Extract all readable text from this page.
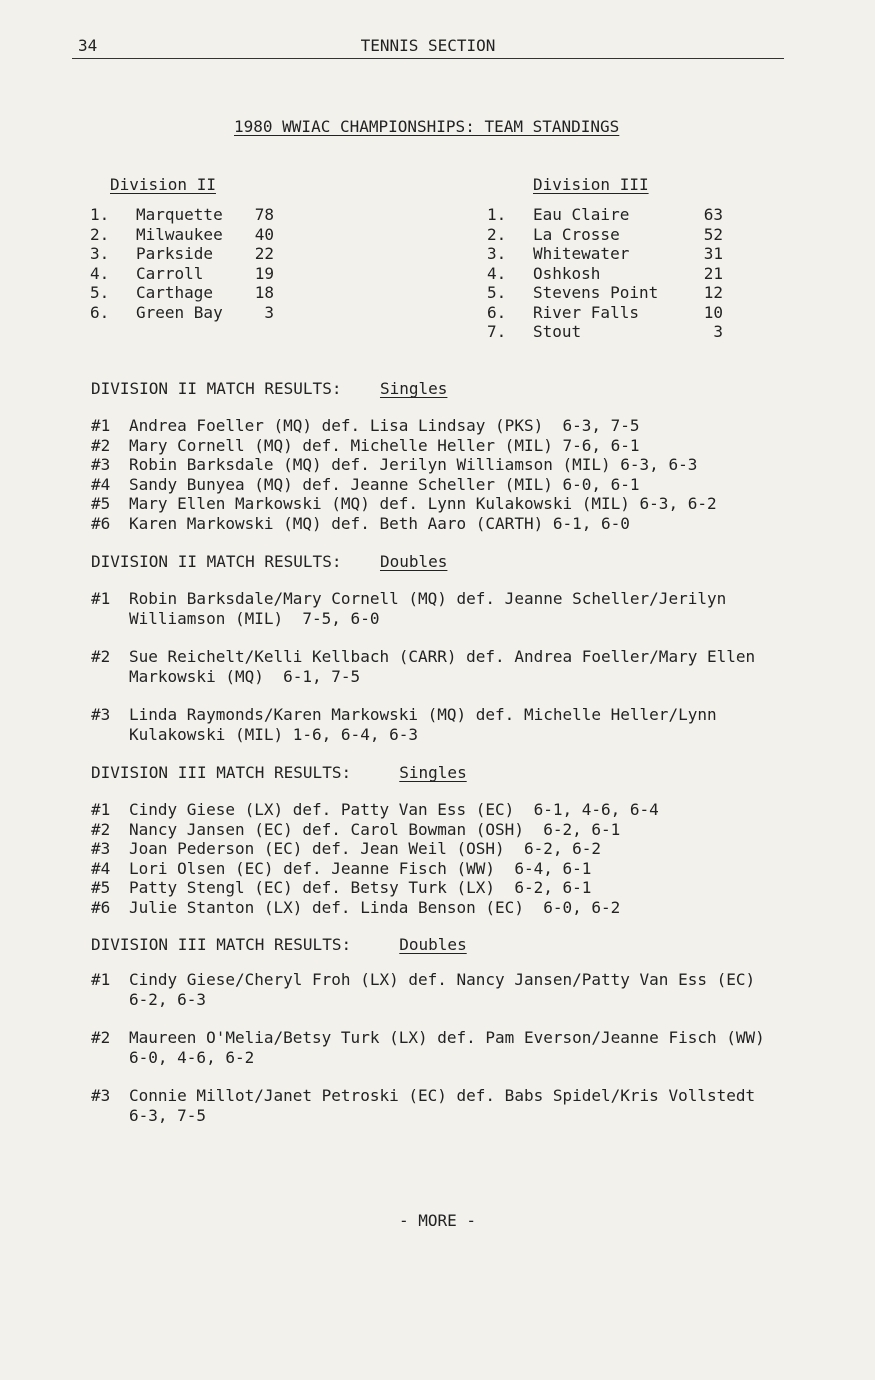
34	TENNIS SECTION
1980 WWIAC CHAMPIONSHIPS: TEAM STANDINGS
Division II	Division III
1.	Marquette	78
2.	Milwaukee	40
3.	Parkside	22
4.	Carroll	19
5.	Carthage	18
6.	Green Bay	3
1.	Eau Claire	63
2.	La Crosse	52
3.	Whitewater	31
4.	Oshkosh	21
5.	Stevens Point	12
6.	River Falls	10
7.	Stout	3
DIVISION II MATCH RESULTS: Singles
#1	Andrea Foeller (MQ) def. Lisa Lindsay (PKS)  6-3, 7-5
#2	Mary Cornell (MQ) def. Michelle Heller (MIL) 7-6, 6-1
#3	Robin Barksdale (MQ) def. Jerilyn Williamson (MIL) 6-3, 6-3
#4	Sandy Bunyea (MQ) def. Jeanne Scheller (MIL) 6-0, 6-1
#5	Mary Ellen Markowski (MQ) def. Lynn Kulakowski (MIL) 6-3, 6-2
#6	Karen Markowski (MQ) def. Beth Aaro (CARTH) 6-1, 6-0
DIVISION II MATCH RESULTS: Doubles
#1	Robin Barksdale/Mary Cornell (MQ) def. Jeanne Scheller/Jerilyn
Williamson (MIL)  7-5, 6-0
#2	Sue Reichelt/Kelli Kellbach (CARR) def. Andrea Foeller/Mary Ellen
Markowski (MQ)  6-1, 7-5
#3	Linda Raymonds/Karen Markowski (MQ) def. Michelle Heller/Lynn
Kulakowski (MIL) 1-6, 6-4, 6-3
DIVISION III MATCH RESULTS:	Singles
#1	Cindy Giese (LX) def. Patty Van Ess (EC)  6-1, 4-6, 6-4
#2	Nancy Jansen (EC) def. Carol Bowman (OSH)  6-2, 6-1
#3	Joan Pederson (EC) def. Jean Weil (OSH)  6-2, 6-2
#4	Lori Olsen (EC) def. Jeanne Fisch (WW)  6-4, 6-1
#5	Patty Stengl (EC) def. Betsy Turk (LX)  6-2, 6-1
#6	Julie Stanton (LX) def. Linda Benson (EC)  6-0, 6-2
DIVISION III MATCH RESULTS:	Doubles
#1	Cindy Giese/Cheryl Froh (LX) def. Nancy Jansen/Patty Van Ess (EC)
6-2, 6-3
#2	Maureen O'Melia/Betsy Turk (LX) def. Pam Everson/Jeanne Fisch (WW)
6-0, 4-6, 6-2
#3	Connie Millot/Janet Petroski (EC) def. Babs Spidel/Kris Vollstedt
6-3, 7-5
- MORE -
